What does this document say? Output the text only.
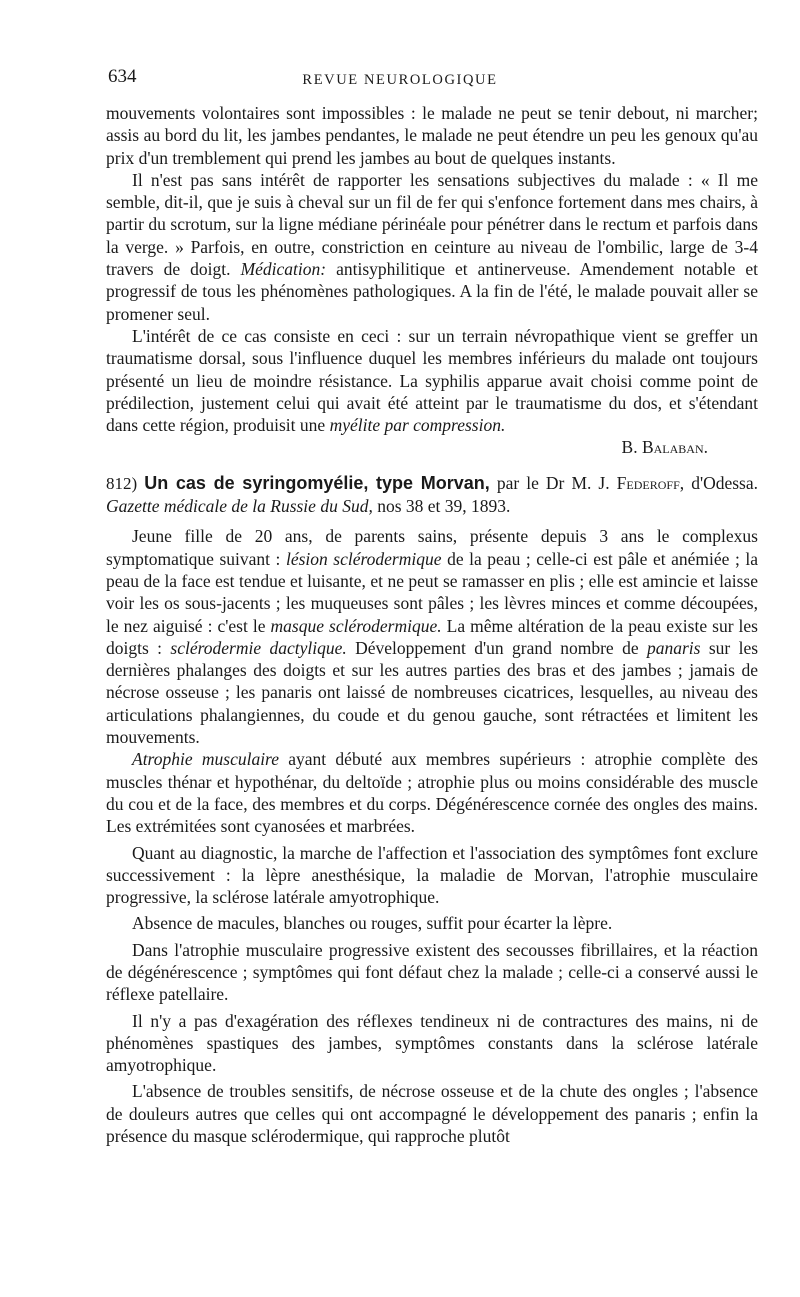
634	REVUE NEUROLOGIQUE

mouvements volontaires sont impossibles : le malade ne peut se tenir debout, ni marcher; assis au bord du lit, les jambes pendantes, le malade ne peut étendre un peu les genoux qu'au prix d'un tremblement qui prend les jambes au bout de quelques instants.

Il n'est pas sans intérêt de rapporter les sensations subjectives du malade : « Il me semble, dit-il, que je suis à cheval sur un fil de fer qui s'enfonce fortement dans mes chairs, à partir du scrotum, sur la ligne médiane périnéale pour pénétrer dans le rectum et parfois dans la verge. » Parfois, en outre, constriction en ceinture au niveau de l'ombilic, large de 3-4 travers de doigt. Médication: antisyphilitique et antinerveuse. Amendement notable et progressif de tous les phénomènes pathologiques. A la fin de l'été, le malade pouvait aller se promener seul.

L'intérêt de ce cas consiste en ceci : sur un terrain névropathique vient se greffer un traumatisme dorsal, sous l'influence duquel les membres inférieurs du malade ont toujours présenté un lieu de moindre résistance. La syphilis apparue avait choisi comme point de prédilection, justement celui qui avait été atteint par le traumatisme du dos, et s'étendant dans cette région, produisit une myélite par compression.

B. Balaban.

812) Un cas de syringomyélie, type Morvan, par le Dr M. J. Federoff, d'Odessa. Gazette médicale de la Russie du Sud, nos 38 et 39, 1893.

Jeune fille de 20 ans, de parents sains, présente depuis 3 ans le complexus symptomatique suivant : lésion sclérodermique de la peau ; celle-ci est pâle et anémiée ; la peau de la face est tendue et luisante, et ne peut se ramasser en plis ; elle est amincie et laisse voir les os sous-jacents ; les muqueuses sont pâles ; les lèvres minces et comme découpées, le nez aiguisé : c'est le masque sclérodermique. La même altération de la peau existe sur les doigts : sclérodermie dactylique. Développement d'un grand nombre de panaris sur les dernières phalanges des doigts et sur les autres parties des bras et des jambes ; jamais de nécrose osseuse ; les panaris ont laissé de nombreuses cicatrices, lesquelles, au niveau des articulations phalangiennes, du coude et du genou gauche, sont rétractées et limitent les mouvements.

Atrophie musculaire ayant débuté aux membres supérieurs : atrophie complète des muscles thénar et hypothénar, du deltoïde ; atrophie plus ou moins considérable des muscle du cou et de la face, des membres et du corps. Dégénérescence cornée des ongles des mains. Les extrémitées sont cyanosées et marbrées.

Quant au diagnostic, la marche de l'affection et l'association des symptômes font exclure successivement : la lèpre anesthésique, la maladie de Morvan, l'atrophie musculaire progressive, la sclérose latérale amyotrophique.

Absence de macules, blanches ou rouges, suffit pour écarter la lèpre.

Dans l'atrophie musculaire progressive existent des secousses fibrillaires, et la réaction de dégénérescence ; symptômes qui font défaut chez la malade ; celle-ci a conservé aussi le réflexe patellaire.

Il n'y a pas d'exagération des réflexes tendineux ni de contractures des mains, ni de phénomènes spastiques des jambes, symptômes constants dans la sclérose latérale amyotrophique.

L'absence de troubles sensitifs, de nécrose osseuse et de la chute des ongles ; l'absence de douleurs autres que celles qui ont accompagné le développement des panaris ; enfin la présence du masque sclérodermique, qui rapproche plutôt
